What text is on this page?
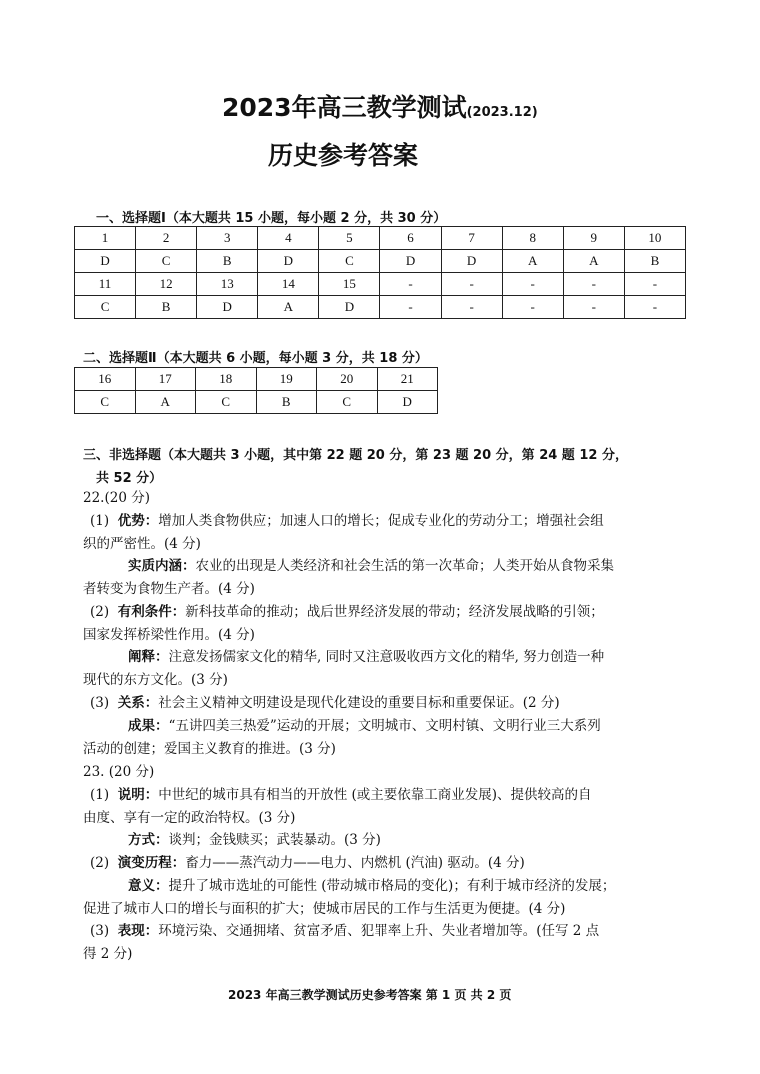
2023年高三教学测试(2023.12)
历史参考答案
一、选择题Ⅰ（本大题共 15 小题，每小题 2 分，共 30 分）
1	2	3	4	5	6	7	8	9	10
D	C	B	D	C	D	D	A	A	B
11	12	13	14	15	-	-	-	-	-
C	B	D	A	D	-	-	-	-	-
二、选择题Ⅱ（本大题共 6 小题，每小题 3 分，共 18 分）
16	17	18	19	20	21
C	A	C	B	C	D
三、非选择题（本大题共 3 小题，其中第 22 题 20 分，第 23 题 20 分，第 24 题 12 分，
共 52 分）
22.(20 分)
(1) 优势：增加人类食物供应；加速人口的增长；促成专业化的劳动分工；增强社会组
织的严密性。(4 分)
实质内涵：农业的出现是人类经济和社会生活的第一次革命；人类开始从食物采集
者转变为食物生产者。(4 分)
(2) 有利条件：新科技革命的推动；战后世界经济发展的带动；经济发展战略的引领；
国家发挥桥梁性作用。(4 分)
阐释：注意发扬儒家文化的精华, 同时又注意吸收西方文化的精华, 努力创造一种
现代的东方文化。(3 分)
(3) 关系：社会主义精神文明建设是现代化建设的重要目标和重要保证。(2 分)
成果：“五讲四美三热爱”运动的开展；文明城市、文明村镇、文明行业三大系列
活动的创建；爱国主义教育的推进。(3 分)
23. (20 分)
(1) 说明：中世纪的城市具有相当的开放性 (或主要依靠工商业发展)、提供较高的自
由度、享有一定的政治特权。(3 分)
方式：谈判；金钱赎买；武装暴动。(3 分)
(2) 演变历程：畜力——蒸汽动力——电力、内燃机 (汽油) 驱动。(4 分)
意义：提升了城市选址的可能性 (带动城市格局的变化)；有利于城市经济的发展；
促进了城市人口的增长与面积的扩大；使城市居民的工作与生活更为便捷。(4 分)
(3) 表现：环境污染、交通拥堵、贫富矛盾、犯罪率上升、失业者增加等。(任写 2 点
得 2 分)
2023 年高三教学测试历史参考答案 第 1 页 共 2 页
